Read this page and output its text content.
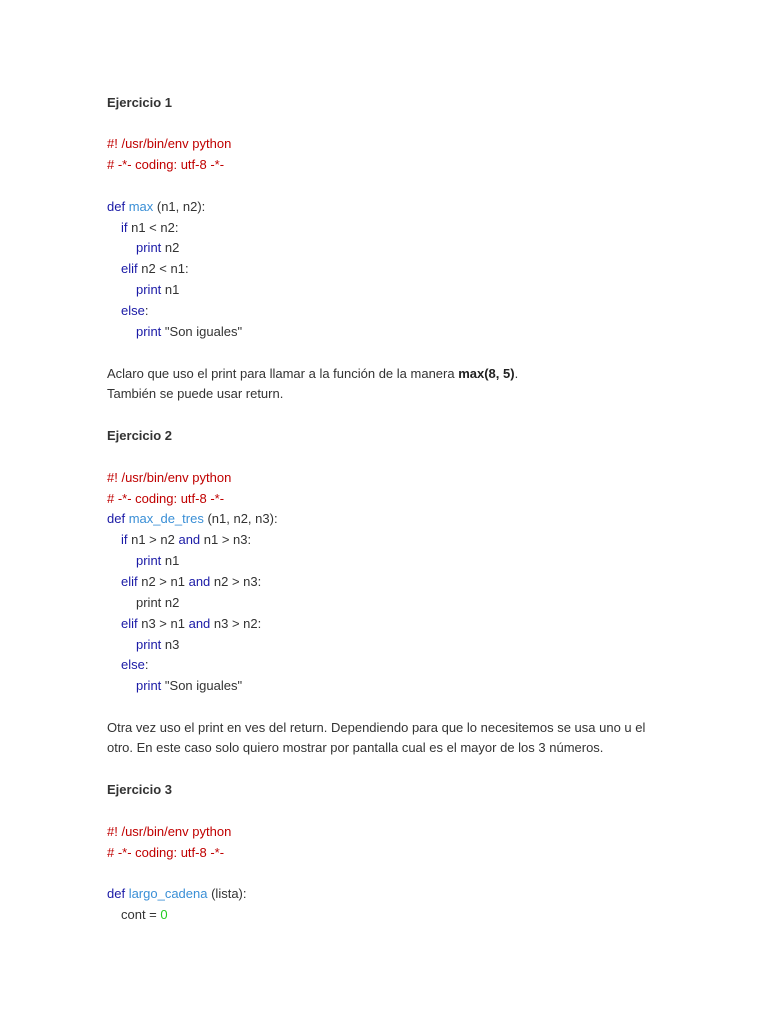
Ejercicio 1
#! /usr/bin/env python
# -*- coding: utf-8 -*-
def max (n1, n2):
if n1 < n2:
print n2
elif n2 < n1:
print n1
else:
print "Son iguales"
Aclaro que uso el print para llamar a la función de la manera max(8, 5).
También se puede usar return.
Ejercicio 2
#! /usr/bin/env python
# -*- coding: utf-8 -*-
def max_de_tres (n1, n2, n3):
if n1 > n2 and n1 > n3:
print n1
elif n2 > n1 and n2 > n3:
print n2
elif n3 > n1 and n3 > n2:
print n3
else:
print "Son iguales"
Otra vez uso el print en ves del return. Dependiendo para que lo necesitemos se usa uno u el
otro. En este caso solo quiero mostrar por pantalla cual es el mayor de los 3 números.
Ejercicio 3
#! /usr/bin/env python
# -*- coding: utf-8 -*-
def largo_cadena (lista):
cont = 0
